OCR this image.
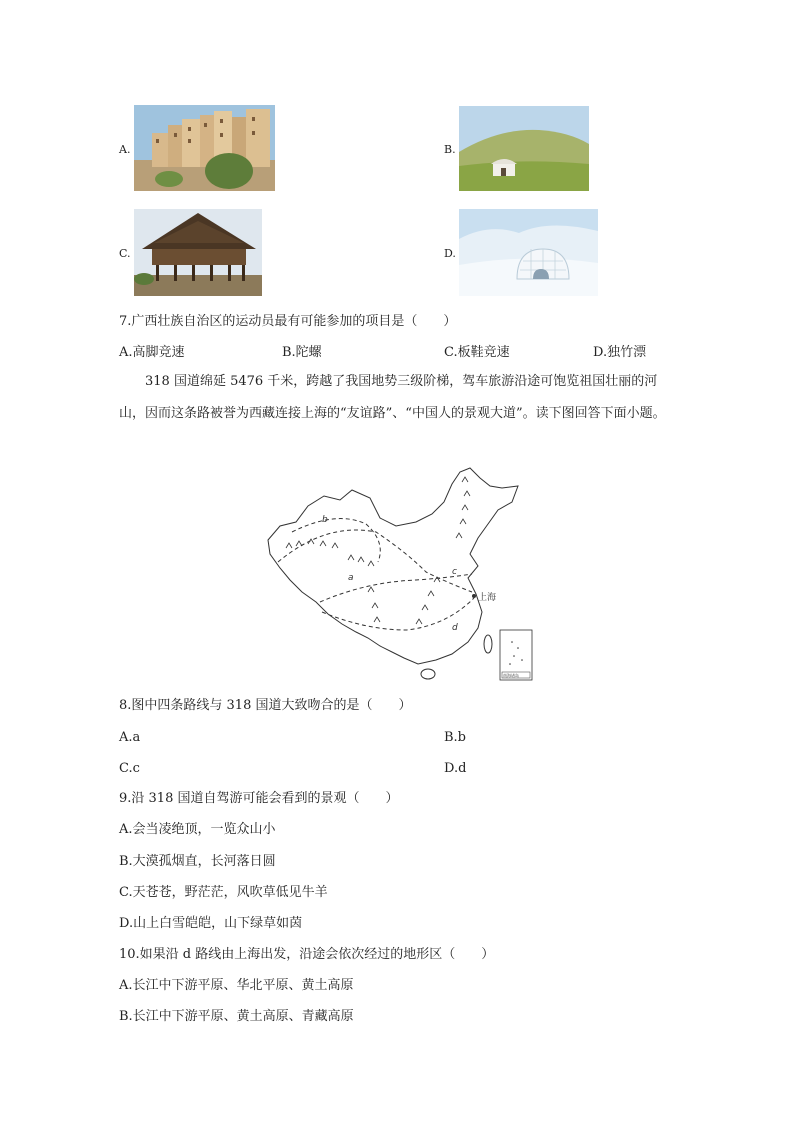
A.	B.
C.	D.
7.广西壮族自治区的运动员最有可能参加的项目是（　　）
A.高脚竞速	B.陀螺	C.板鞋竞速	D.独竹漂
318 国道绵延 5476 千米，跨越了我国地势三级阶梯，驾车旅游沿途可饱览祖国壮丽的河山，因而这条路被誉为西藏连接上海的“友谊路”、“中国人的景观大道”。读下图回答下面小题。
上海
a
b
c
d
南海诸岛
8.图中四条路线与 318 国道大致吻合的是（　　）
A.a	B.b
C.c	D.d
9.沿 318 国道自驾游可能会看到的景观（　　）
A.会当凌绝顶，一览众山小
B.大漠孤烟直，长河落日圆
C.天苍苍，野茫茫，风吹草低见牛羊
D.山上白雪皑皑，山下绿草如茵
10.如果沿 d 路线由上海出发，沿途会依次经过的地形区（　　）
A.长江中下游平原、华北平原、黄土高原
B.长江中下游平原、黄土高原、青藏高原
